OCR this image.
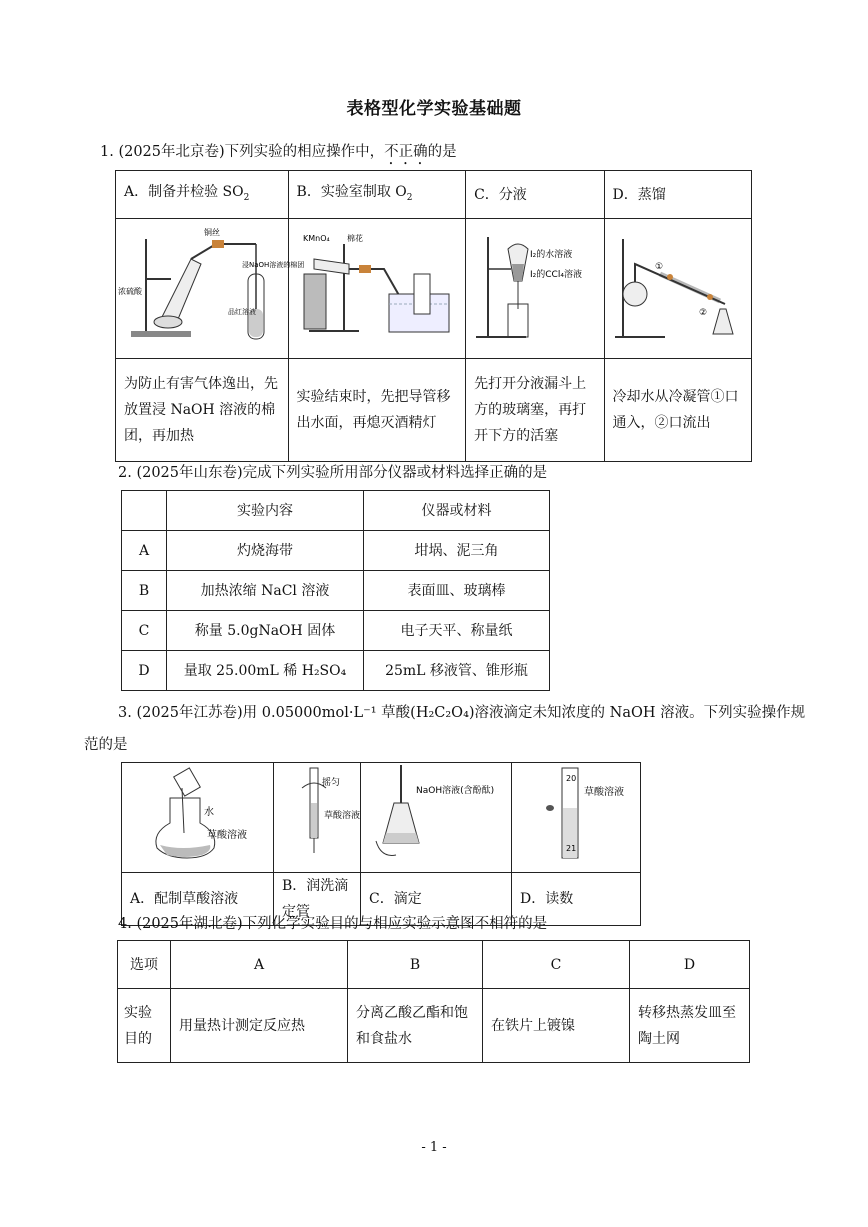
表格型化学实验基础题
1. (2025年北京卷)下列实验的相应操作中，不正确的是
A．制备并检验 $SO_2$	B．实验室制取 $O_2$	C．分液	D．蒸馏

铜丝
浓硫酸
浸NaOH溶液的棉团
品红溶液	KMnO₄ 棉花	I₂的水溶液
I₂的CCl₄溶液	①
②

为防止有害气体逸出，先放置浸 NaOH 溶液的棉团，再加热	实验结束时，先把导管移出水面，再熄灭酒精灯	先打开分液漏斗上方的玻璃塞，再打开下方的活塞	冷却水从冷凝管①口通入，②口流出
2. (2025年山东卷)完成下列实验所用部分仪器或材料选择正确的是
	实验内容	仪器或材料
A	灼烧海带	坩埚、泥三角
B	加热浓缩 NaCl 溶液	表面皿、玻璃棒
C	称量 5.0gNaOH 固体	电子天平、称量纸
D	量取 25.00mL 稀 H₂SO₄	25mL 移液管、锥形瓶
3. (2025年江苏卷)用 0.05000mol·L⁻¹ 草酸(H₂C₂O₄)溶液滴定未知浓度的 NaOH 溶液。下列实验操作规
范的是
水
草酸溶液	摇匀
草酸溶液	NaOH溶液(含酚酞)	20
21
草酸溶液

A．配制草酸溶液	B．润洗滴定管	C．滴定	D．读数
4. (2025年湖北卷)下列化学实验目的与相应实验示意图不相符的是
选项	A	B	C	D
实验目的	用量热计测定反应热	分离乙酸乙酯和饱和食盐水	在铁片上镀镍	转移热蒸发皿至陶土网
- 1 -
